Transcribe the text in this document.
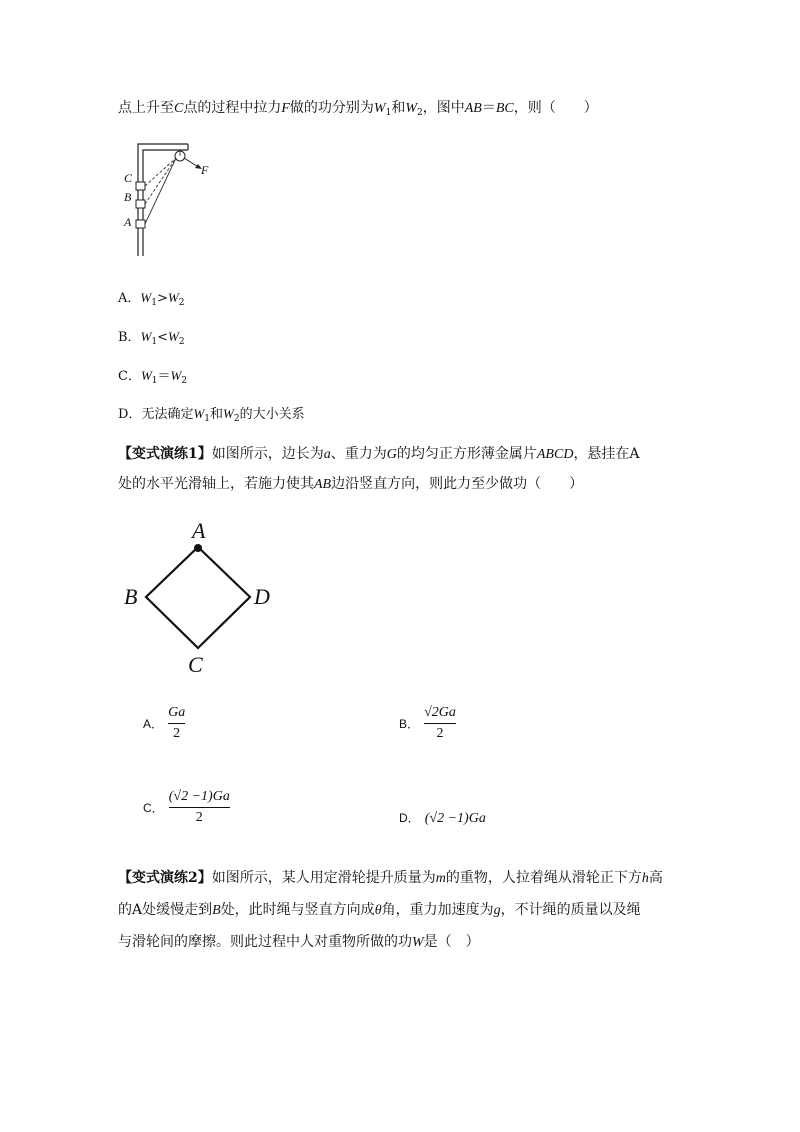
点上升至C点的过程中拉力F做的功分别为$W_1$和$W_2$，图中AB＝BC，则（　　）
C
B
A
F
A．$W_1>W_2$
B．$W_1<W_2$
C．$W_1=W_2$
D．无法确定$W_1$和$W_2$的大小关系
【变式演练1】如图所示，边长为a、重力为G的均匀正方形薄金属片ABCD，悬挂在A
处的水平光滑轴上，若施力使其AB边沿竖直方向，则此力至少做功（　　）
A
B	D
C
A． $\frac{Ga}{2}$	B． $\frac{√2Ga}{2}$
C． $\frac{(√2 -1)Ga}{2}$	D． (√2 −1)Ga
【变式演练2】如图所示，某人用定滑轮提升质量为m的重物，人拉着绳从滑轮正下方h高
的A处缓慢走到B处，此时绳与竖直方向成θ角，重力加速度为g，不计绳的质量以及绳
与滑轮间的摩擦。则此过程中人对重物所做的功W是（　）
